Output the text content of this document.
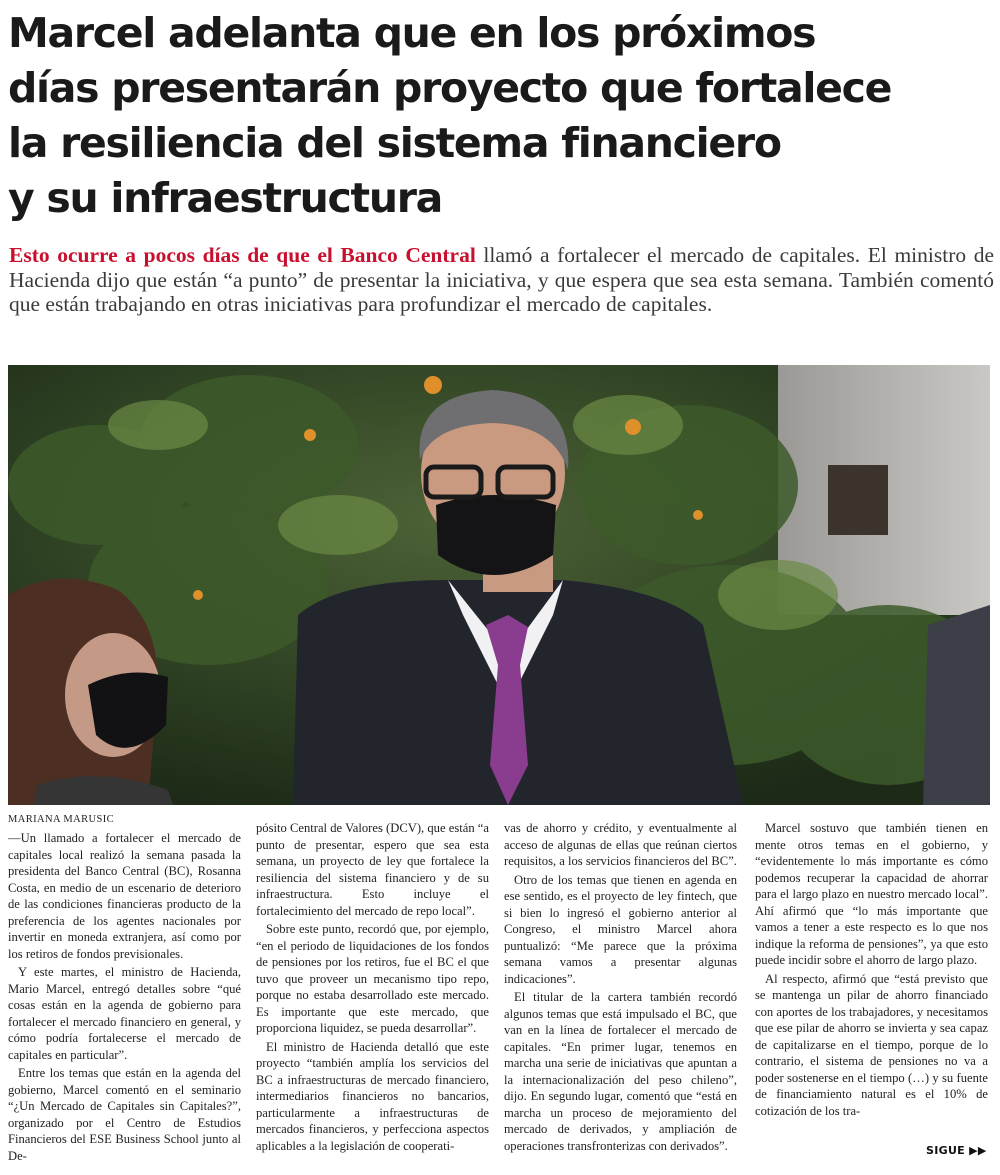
Marcel adelanta que en los próximos
días presentarán proyecto que fortalece
la resiliencia del sistema financiero
y su infraestructura

Esto ocurre a pocos días de que el Banco Central llamó a fortalecer el mercado de capitales. El ministro de Hacienda dijo que están “a punto” de presentar la iniciativa, y que espera que sea esta semana. También comentó que están trabajando en otras iniciativas para profundizar el mercado de capitales.

MARIANA MARUSIC

—Un llamado a fortalecer el mercado de capitales local realizó la semana pasada la presidenta del Banco Central (BC), Rosanna Costa, en medio de un escenario de deterioro de las condiciones financieras producto de la preferencia de los agentes nacionales por invertir en moneda extranjera, así como por los retiros de fondos previsionales.

Y este martes, el ministro de Hacienda, Mario Marcel, entregó detalles sobre “qué cosas están en la agenda de gobierno para fortalecer el mercado financiero en general, y cómo podría fortalecerse el mercado de capitales en particular”.

Entre los temas que están en la agenda del gobierno, Marcel comentó en el seminario “¿Un Mercado de Capitales sin Capitales?”, organizado por el Centro de Estudios Financieros del ESE Business School junto al De-

pósito Central de Valores (DCV), que están “a punto de presentar, espero que sea esta semana, un proyecto de ley que fortalece la resiliencia del sistema financiero y de su infraestructura. Esto incluye el fortalecimiento del mercado de repo local”.

Sobre este punto, recordó que, por ejemplo, “en el periodo de liquidaciones de los fondos de pensiones por los retiros, fue el BC el que tuvo que proveer un mecanismo tipo repo, porque no estaba desarrollado este mercado. Es importante que este mercado, que proporciona liquidez, se pueda desarrollar”.

El ministro de Hacienda detalló que este proyecto “también amplía los servicios del BC a infraestructuras de mercado financiero, intermediarios financieros no bancarios, particularmente a infraestructuras de mercados financieros, y perfecciona aspectos aplicables a la legislación de cooperati-

vas de ahorro y crédito, y eventualmente al acceso de algunas de ellas que reúnan ciertos requisitos, a los servicios financieros del BC”.

Otro de los temas que tienen en agenda en ese sentido, es el proyecto de ley fintech, que si bien lo ingresó el gobierno anterior al Congreso, el ministro Marcel ahora puntualizó: “Me parece que la próxima semana vamos a presentar algunas indicaciones”.

El titular de la cartera también recordó algunos temas que está impulsado el BC, que van en la línea de fortalecer el mercado de capitales. “En primer lugar, tenemos en marcha una serie de iniciativas que apuntan a la internacionalización del peso chileno”, dijo. En segundo lugar, comentó que “está en marcha un proceso de mejoramiento del mercado de derivados, y ampliación de operaciones transfronterizas con derivados”.

Marcel sostuvo que también tienen en mente otros temas en el gobierno, y “evidentemente lo más importante es cómo podemos recuperar la capacidad de ahorrar para el largo plazo en nuestro mercado local”. Ahí afirmó que “lo más importante que vamos a tener a este respecto es lo que nos indique la reforma de pensiones”, ya que esto puede incidir sobre el ahorro de largo plazo.

Al respecto, afirmó que “está previsto que se mantenga un pilar de ahorro financiado con aportes de los trabajadores, y necesitamos que ese pilar de ahorro se invierta y sea capaz de capitalizarse en el tiempo, porque de lo contrario, el sistema de pensiones no va a poder sostenerse en el tiempo (…) y su fuente de financiamiento natural es el 10% de cotización de los tra-

SIGUE ▶▶
